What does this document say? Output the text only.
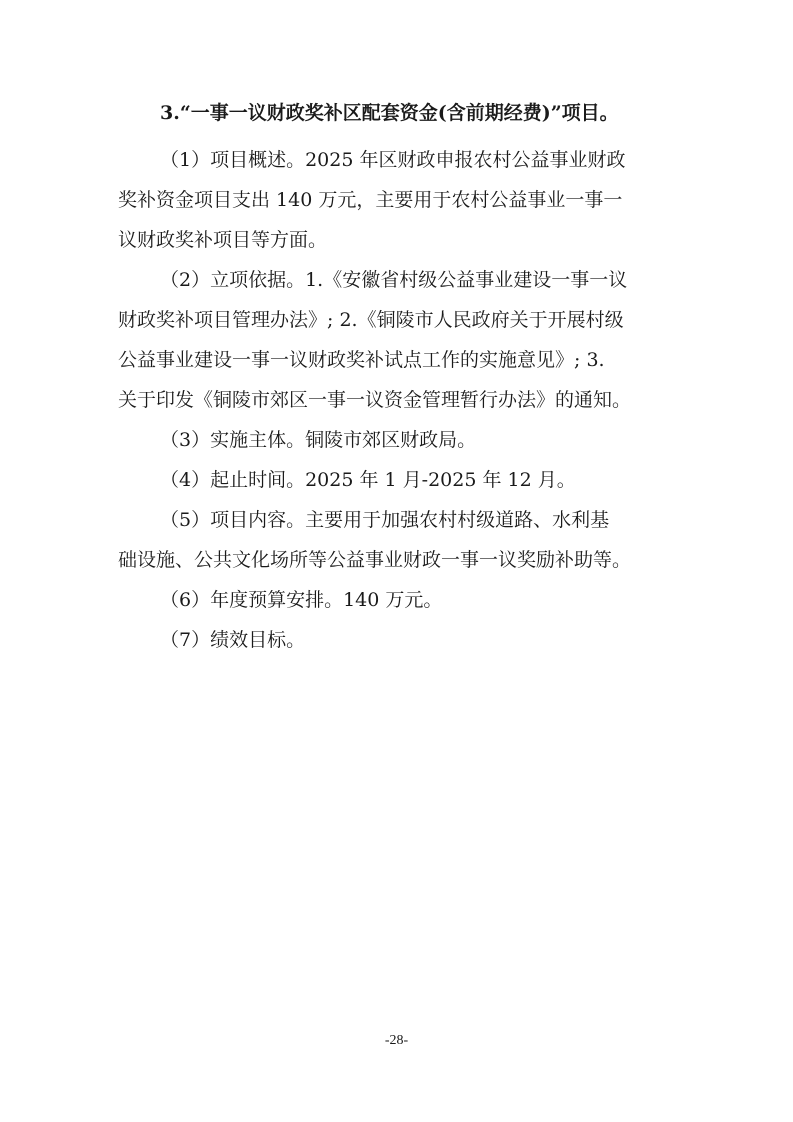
3.“一事一议财政奖补区配套资金(含前期经费)”项目。

（1）项目概述。2025 年区财政申报农村公益事业财政
奖补资金项目支出 140 万元，主要用于农村公益事业一事一
议财政奖补项目等方面。
（2）立项依据。1.《安徽省村级公益事业建设一事一议
财政奖补项目管理办法》; 2.《铜陵市人民政府关于开展村级
公益事业建设一事一议财政奖补试点工作的实施意见》; 3.
关于印发《铜陵市郊区一事一议资金管理暂行办法》的通知。
（3）实施主体。铜陵市郊区财政局。
（4）起止时间。2025 年 1 月-2025 年 12 月。
（5）项目内容。主要用于加强农村村级道路、水利基
础设施、公共文化场所等公益事业财政一事一议奖励补助等。
（6）年度预算安排。140 万元。
（7）绩效目标。
-28-
